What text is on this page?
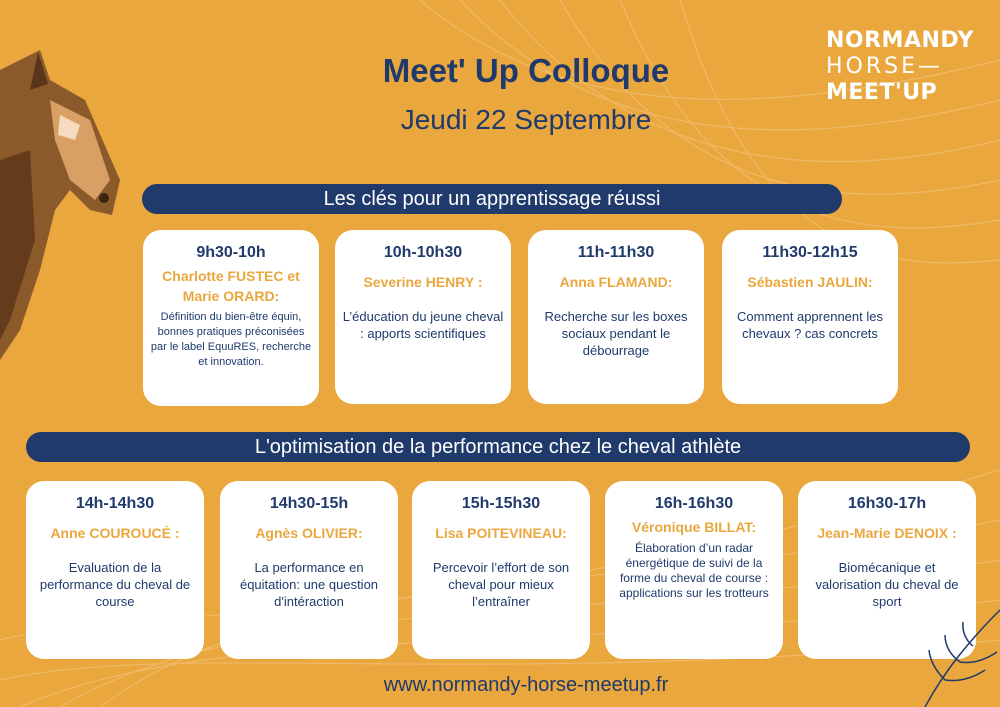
NORMANDY
HORSE—
MEET'UP
Meet' Up Colloque
Jeudi 22 Septembre
Les clés pour un apprentissage réussi
9h30-10h
Charlotte FUSTEC et Marie ORARD:
Définition du bien-être équin, bonnes pratiques préconisées par le label EquuRES, recherche et innovation.
10h-10h30
Severine HENRY :
L’éducation du jeune cheval : apports scientifiques
11h-11h30
Anna FLAMAND:
Recherche sur les boxes sociaux pendant le débourrage
11h30-12h15
Sébastien JAULIN:
Comment apprennent les chevaux ? cas concrets
L'optimisation de la performance chez le cheval athlète
14h-14h30
Anne COUROUCÉ :
Evaluation de la performance du cheval de course
14h30-15h
Agnès OLIVIER:
La performance en équitation: une question d'intéraction
15h-15h30
Lisa POITEVINEAU:
Percevoir l’effort de son cheval pour mieux l’entraîner
16h-16h30
Véronique BILLAT:
Élaboration d’un radar énergétique de suivi de la forme du cheval de course : applications sur les trotteurs
16h30-17h
Jean-Marie DENOIX :
Biomécanique et valorisation du cheval de sport
www.normandy-horse-meetup.fr
